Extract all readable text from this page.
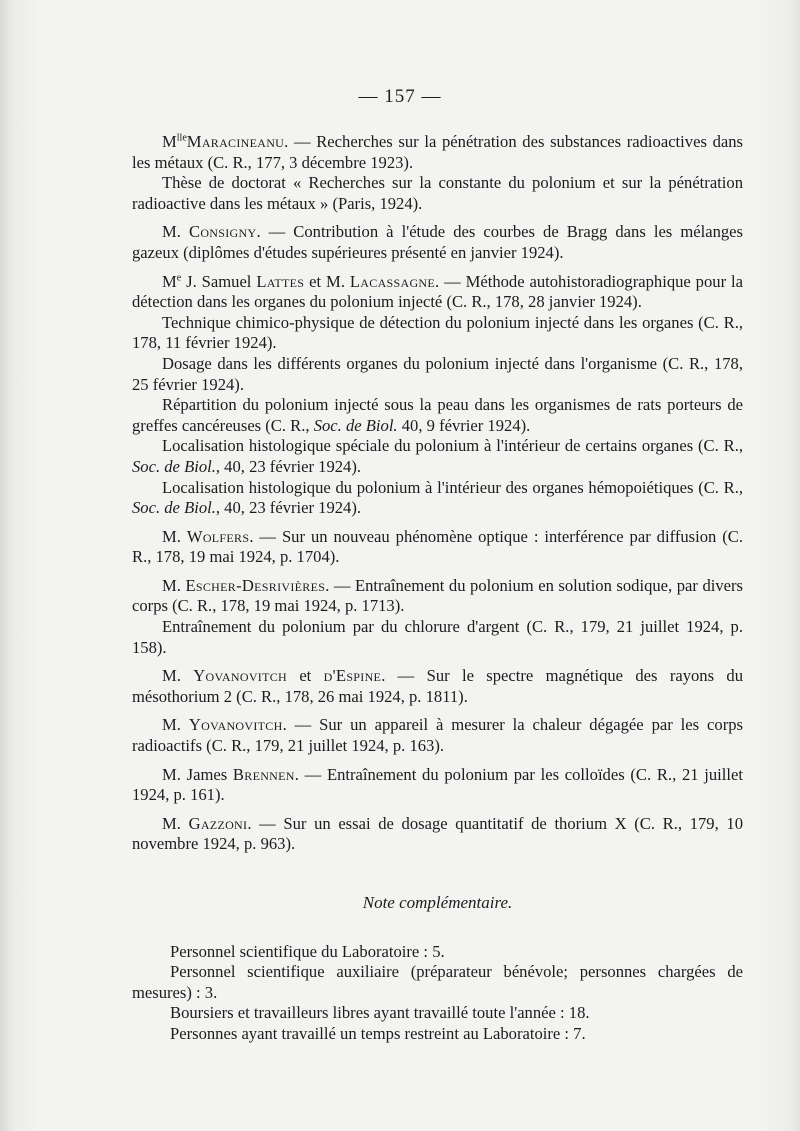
— 157 —

$M^{lle}Maracineanu$. — Recherches sur la pénétration des substances radioactives dans les métaux (C. R., 177, 3 décembre 1923).

Thèse de doctorat « Recherches sur la constante du polonium et sur la pénétration radioactive dans les métaux » (Paris, 1924).

M. Consigny. — Contribution à l'étude des courbes de Bragg dans les mélanges gazeux (diplômes d'études supérieures présenté en janvier 1924).

Me J. Samuel Lattes et M. Lacassagne. — Méthode autohistoradiographique pour la détection dans les organes du polonium injecté (C. R., 178, 28 janvier 1924).

Technique chimico-physique de détection du polonium injecté dans les organes (C. R., 178, 11 février 1924).

Dosage dans les différents organes du polonium injecté dans l'organisme (C. R., 178, 25 février 1924).

Répartition du polonium injecté sous la peau dans les organismes de rats porteurs de greffes cancéreuses (C. R., Soc. de Biol. 40, 9 février 1924).

Localisation histologique spéciale du polonium à l'intérieur de certains organes (C. R., Soc. de Biol., 40, 23 février 1924).

Localisation histologique du polonium à l'intérieur des organes hémopoiétiques (C. R., Soc. de Biol., 40, 23 février 1924).

M. Wolfers. — Sur un nouveau phénomène optique : interférence par diffusion (C. R., 178, 19 mai 1924, p. 1704).

M. Escher-Desrivières. — Entraînement du polonium en solution sodique, par divers corps (C. R., 178, 19 mai 1924, p. 1713).

Entraînement du polonium par du chlorure d'argent (C. R., 179, 21 juillet 1924, p. 158).

M. Yovanovitch et d'Espine. — Sur le spectre magnétique des rayons du mésothorium 2 (C. R., 178, 26 mai 1924, p. 1811).

M. Yovanovitch. — Sur un appareil à mesurer la chaleur dégagée par les corps radioactifs (C. R., 179, 21 juillet 1924, p. 163).

M. James Brennen. — Entraînement du polonium par les colloïdes (C. R., 21 juillet 1924, p. 161).

M. Gazzoni. — Sur un essai de dosage quantitatif de thorium X (C. R., 179, 10 novembre 1924, p. 963).

Note complémentaire.

Personnel scientifique du Laboratoire : 5.

Personnel scientifique auxiliaire (préparateur bénévole; personnes chargées de mesures) : 3.

Boursiers et travailleurs libres ayant travaillé toute l'année : 18.

Personnes ayant travaillé un temps restreint au Laboratoire : 7.
